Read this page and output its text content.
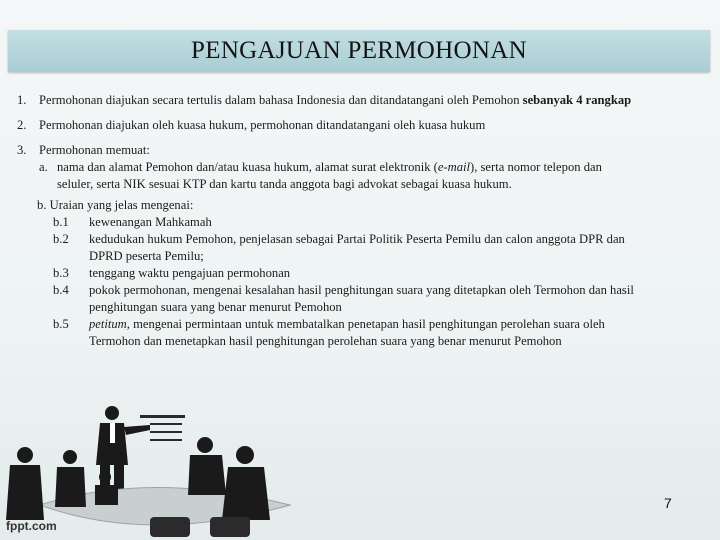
PENGAJUAN PERMOHONAN

1. Permohonan diajukan secara tertulis dalam bahasa Indonesia dan ditandatangani oleh Pemohon sebanyak 4 rangkap

2. Permohonan diajukan oleh kuasa hukum, permohonan ditandatangani oleh kuasa hukum

3. Permohonan memuat:

a. nama dan alamat Pemohon dan/atau kuasa hukum, alamat surat elektronik (e-mail), serta nomor telepon dan
seluler, serta NIK sesuai KTP dan kartu tanda anggota bagi advokat sebagai kuasa hukum.
b. Uraian yang jelas mengenai:
b.1 kewenangan Mahkamah
b.2 kedudukan hukum Pemohon, penjelasan sebagai Partai Politik Peserta Pemilu dan calon anggota DPR dan
DPRD peserta Pemilu;
b.3 tenggang waktu pengajuan permohonan
b.4 pokok permohonan, mengenai kesalahan hasil penghitungan suara yang ditetapkan oleh Termohon dan hasil
penghitungan suara yang benar menurut Pemohon
b.5 petitum, mengenai permintaan untuk membatalkan penetapan hasil penghitungan perolehan suara oleh
Termohon dan menetapkan hasil penghitungan perolehan suara yang benar menurut Pemohon
7
fppt.com
